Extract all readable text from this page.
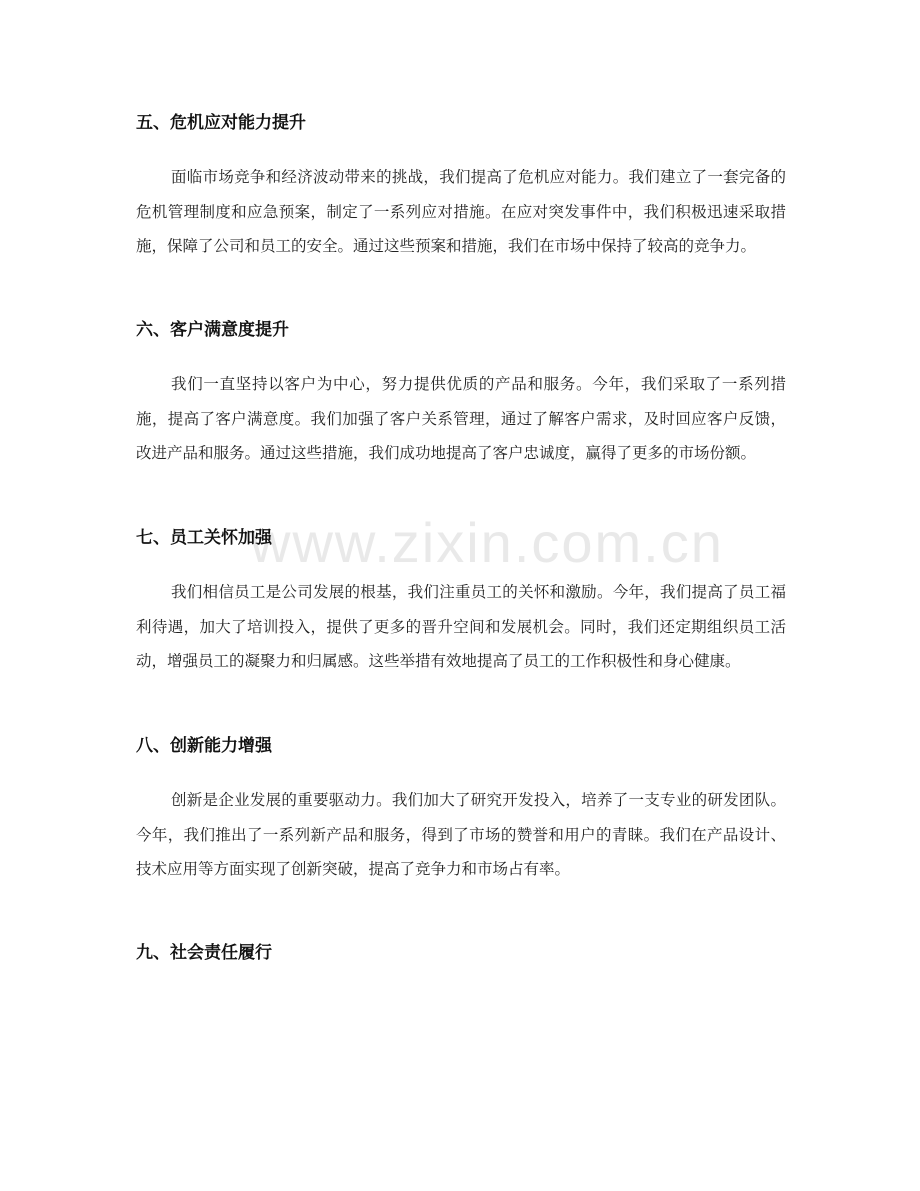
www.zixin.com.cn
五、危机应对能力提升

面临市场竞争和经济波动带来的挑战，我们提高了危机应对能力。我们建立了一套完备的危机管理制度和应急预案，制定了一系列应对措施。在应对突发事件中，我们积极迅速采取措施，保障了公司和员工的安全。通过这些预案和措施，我们在市场中保持了较高的竞争力。

六、客户满意度提升

我们一直坚持以客户为中心，努力提供优质的产品和服务。今年，我们采取了一系列措施，提高了客户满意度。我们加强了客户关系管理，通过了解客户需求，及时回应客户反馈，改进产品和服务。通过这些措施，我们成功地提高了客户忠诚度，赢得了更多的市场份额。

七、员工关怀加强

我们相信员工是公司发展的根基，我们注重员工的关怀和激励。今年，我们提高了员工福利待遇，加大了培训投入，提供了更多的晋升空间和发展机会。同时，我们还定期组织员工活动，增强员工的凝聚力和归属感。这些举措有效地提高了员工的工作积极性和身心健康。

八、创新能力增强

创新是企业发展的重要驱动力。我们加大了研究开发投入，培养了一支专业的研发团队。今年，我们推出了一系列新产品和服务，得到了市场的赞誉和用户的青睐。我们在产品设计、技术应用等方面实现了创新突破，提高了竞争力和市场占有率。

九、社会责任履行
